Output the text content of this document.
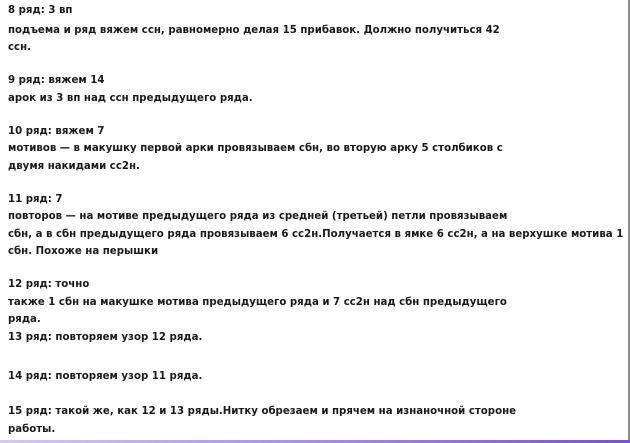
8 ряд: 3 вп
подъема и ряд вяжем ссн, равномерно делая 15 прибавок. Должно получиться 42
ссн.
9 ряд: вяжем 14
арок из 3 вп над ссн предыдущего ряда.
10 ряд: вяжем 7
мотивов — в макушку первой арки провязываем сбн, во вторую арку 5 столбиков с
двумя накидами сс2н.
11 ряд: 7
повторов — на мотиве предыдущего ряда из средней (третьей) петли провязываем
сбн, а в сбн предыдущего ряда провязываем 6 сс2н.Получается в ямке 6 сс2н, а на верхушке мотива 1
сбн. Похоже на перышки
12 ряд: точно
также 1 сбн на макушке мотива предыдущего ряда и 7 сс2н над сбн предыдущего
ряда.
13 ряд: повторяем узор 12 ряда.
14 ряд: повторяем узор 11 ряда.
15 ряд: такой же, как 12 и 13 ряды.Нитку обрезаем и прячем на изнаночной стороне
работы.
